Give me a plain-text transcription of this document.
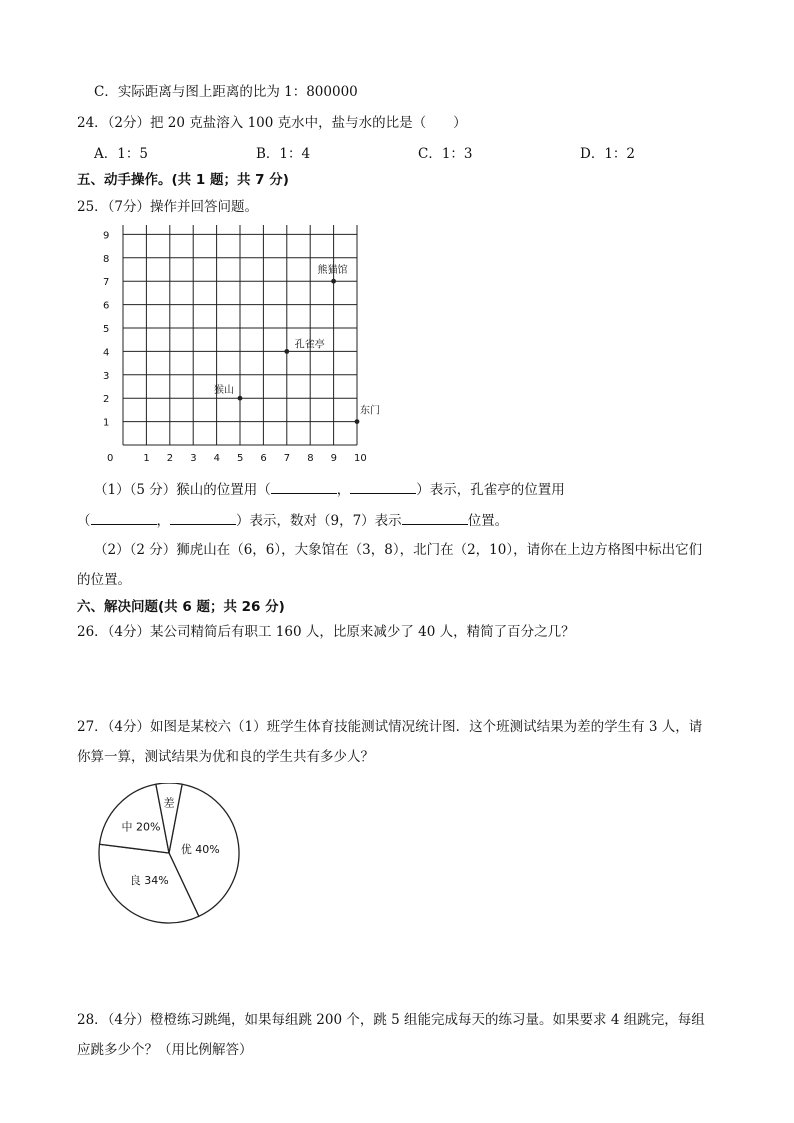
C．实际距离与图上距离的比为 1：800000
24．（2分）把 20 克盐溶入 100 克水中，盐与水的比是（　　）
A．1：5	B．1：4	C．1：3	D．1：2
五、动手操作。(共 1 题；共 7 分)
25．（7分）操作并回答问题。
0	1 2 3 4 5 6 7 8 9 10
1
2
3
4
5
6
7
8
9
猴山
孔雀亭
熊猫馆
东门
（1）（5 分）猴山的位置用（	，	）表示，孔雀亭的位置用
（	，	）表示，数对（9，7）表示	位置。
（2）（2 分）狮虎山在（6，6），大象馆在（3，8），北门在（2，10），请你在上边方格图中标出它们
的位置。
六、解决问题(共 6 题；共 26 分)
26．（4分）某公司精简后有职工 160 人，比原来减少了 40 人，精简了百分之几？
27．（4分）如图是某校六（1）班学生体育技能测试情况统计图．这个班测试结果为差的学生有 3 人，请
你算一算，测试结果为优和良的学生共有多少人？
优 40%
良 34%
中 20%
差
28．（4分）橙橙练习跳绳，如果每组跳 200 个，跳 5 组能完成每天的练习量。如果要求 4 组跳完，每组
应跳多少个？（用比例解答）
